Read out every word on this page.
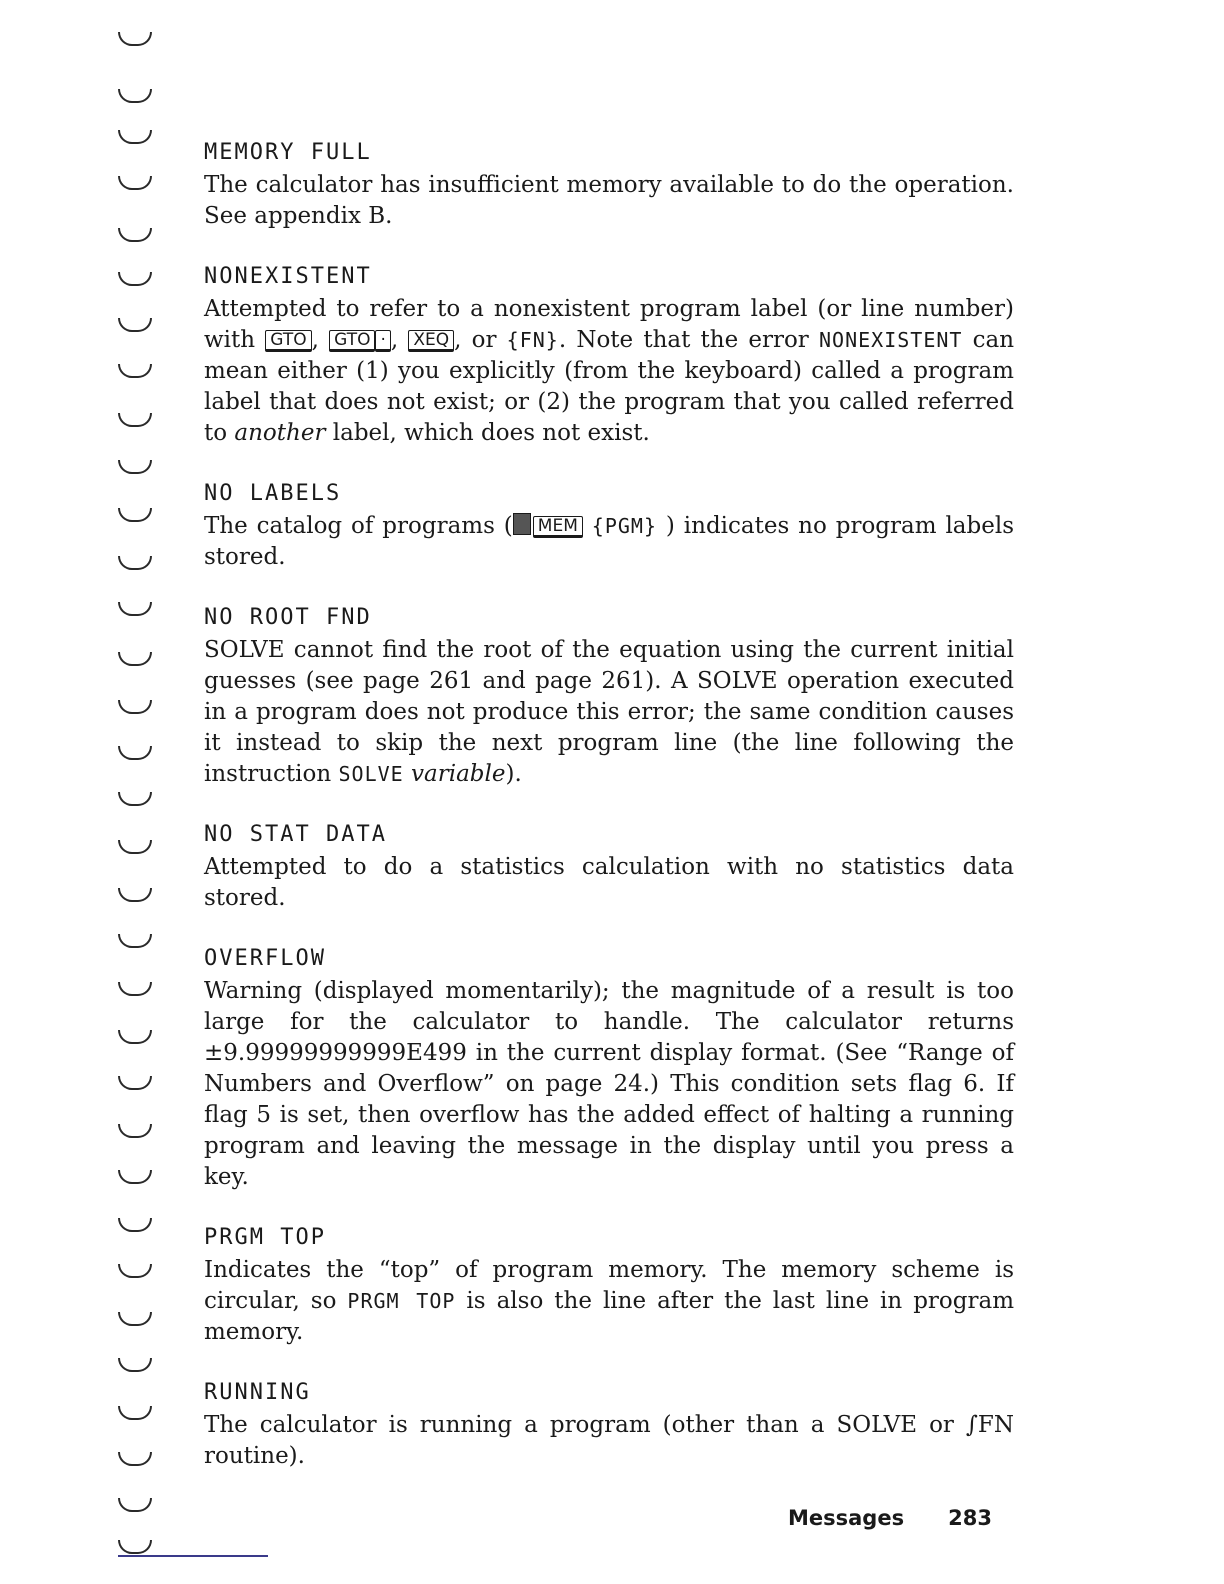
MEMORY FULL
The calculator has insufficient memory available to do the operation. See appendix B.
NONEXISTENT
Attempted to refer to a nonexistent program label (or line number) with GTO , GTO · , XEQ , or {FN}. Note that the error NONEXISTENT can mean either (1) you explicitly (from the keyboard) called a program label that does not exist; or (2) the program that you called referred to another label, which does not exist.
NO LABELS
The catalog of programs ( MEM {PGM} ) indicates no program labels stored.
NO ROOT FND
SOLVE cannot find the root of the equation using the current initial guesses (see page 261 and page 261). A SOLVE operation executed in a program does not produce this error; the same condition causes it instead to skip the next program line (the line following the instruction SOLVE variable).
NO STAT DATA
Attempted to do a statistics calculation with no statistics data stored.
OVERFLOW
Warning (displayed momentarily); the magnitude of a result is too large for the calculator to handle. The calculator returns ±9.99999999999E499 in the current display format. (See “Range of Numbers and Overflow” on page 24.) This condition sets flag 6. If flag 5 is set, then overflow has the added effect of halting a running program and leaving the message in the display until you press a key.
PRGM TOP
Indicates the “top” of program memory. The memory scheme is circular, so PRGM TOP is also the line after the last line in program memory.
RUNNING
The calculator is running a program (other than a SOLVE or ∫FN routine).
Messages 283
